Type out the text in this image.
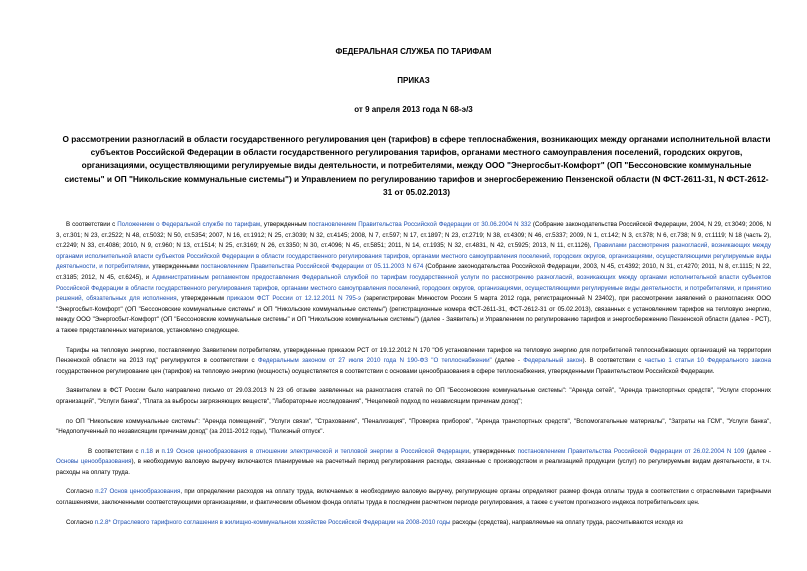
ФЕДЕРАЛЬНАЯ СЛУЖБА ПО ТАРИФАМ
ПРИКАЗ
от 9 апреля 2013 года N 68-э/3
О рассмотрении разногласий в области государственного регулирования цен (тарифов) в сфере теплоснабжения, возникающих между органами исполнительной власти субъектов Российской Федерации в области государственного регулирования тарифов, органами местного самоуправления поселений, городских округов, организациями, осуществляющими регулируемые виды деятельности, и потребителями, между ООО "Энергосбыт-Комфорт" (ОП "Бессоновские коммунальные системы" и ОП "Никольские коммунальные системы") и Управлением по регулированию тарифов и энергосбережению Пензенской области (N ФСТ-2611-31, N ФСТ-2612-31 от 05.02.2013)

В соответствии с Положением о Федеральной службе по тарифам, утвержденным постановлением Правительства Российской Федерации от 30.06.2004 N 332 (Собрание законодательства Российской Федерации, 2004, N 29, ст.3049; 2006, N 3, ст.301; N 23, ст.2522; N 48, ст.5032; N 50, ст.5354; 2007, N 16, ст.1912; N 25, ст.3039; N 32, ст.4145; 2008, N 7, ст.597; N 17, ст.1897; N 23, ст.2719; N 38, ст.4309; N 46, ст.5337; 2009, N 1, ст.142; N 3, ст.378; N 6, ст.738; N 9, ст.1119; N 18 (часть 2), ст.2249; N 33, ст.4086; 2010, N 9, ст.960; N 13, ст.1514; N 25, ст.3169; N 26, ст.3350; N 30, ст.4096; N 45, ст.5851; 2011, N 14, ст.1935; N 32, ст.4831, N 42, ст.5925; 2013, N 11, ст.1126), Правилами рассмотрения разногласий, возникающих между органами исполнительной власти субъектов Российской Федерации в области государственного регулирования тарифов, органами местного самоуправления поселений, городских округов, организациями, осуществляющими регулируемые виды деятельности, и потребителями, утвержденными постановлением Правительства Российской Федерации от 05.11.2003 N 674 (Собрание законодательства Российской Федерации, 2003, N 45, ст.4392; 2010, N 31, ст.4270; 2011, N 8, ст.1115; N 22, ст.3185; 2012, N 45, ст.6245), и Административным регламентом предоставления Федеральной службой по тарифам государственной услуги по рассмотрению разногласий, возникающих между органами исполнительной власти субъектов Российской Федерации в области государственного регулирования тарифов, органами местного самоуправления поселений, городских округов, организациями, осуществляющими регулируемые виды деятельности, и потребителями, и принятию решений, обязательных для исполнения, утвержденным приказом ФСТ России от 12.12.2011 N 795-э (зарегистрирован Минюстом России 5 марта 2012 года, регистрационный N 23402), при рассмотрении заявлений о разногласиях ООО "Энергосбыт-Комфорт" (ОП "Бессоновские коммунальные системы" и ОП "Никольские коммунальные системы") (регистрационные номера ФСТ-2611-31, ФСТ-2612-31 от 05.02.2013), связанных с установлением тарифов на тепловую энергию, между ООО "Энергосбыт-Комфорт" (ОП "Бессоновские коммунальные системы" и ОП "Никольские коммунальные системы") (далее - Заявитель) и Управлением по регулированию тарифов и энергосбережению Пензенской области (далее - РСТ), а также представленных материалов, установлено следующее.

Тарифы на тепловую энергию, поставляемую Заявителем потребителям, утвержденные приказом РСТ от 19.12.2012 N 170 "Об установлении тарифов на тепловую энергию для потребителей теплоснабжающих организаций на территории Пензенской области на 2013 год" регулируются в соответствии с Федеральным законом от 27 июля 2010 года N 190-ФЗ "О теплоснабжении" (далее - Федеральный закон). В соответствии с частью 1 статьи 10 Федерального закона государственное регулирование цен (тарифов) на тепловую энергию (мощность) осуществляется в соответствии с основами ценообразования в сфере теплоснабжения, утвержденными Правительством Российской Федерации.

Заявителем в ФСТ России было направлено письмо от 29.03.2013 N 23 об отзыве заявленных на разногласия статей по ОП "Бессоновские коммунальные системы": "Аренда сетей", "Аренда транспортных средств", "Услуги сторонних организаций", "Услуги банка", "Плата за выбросы загрязняющих веществ", "Лабораторные исследования", "Нецелевой подход по независящим причинам доход";

по ОП "Никольские коммунальные системы": "Аренда помещений", "Услуги связи", "Страхование", "Пенализация", "Проверка приборов", "Аренда транспортных средств", "Вспомогательные материалы", "Затраты на ГСМ", "Услуги банка", "Недополученный по независящим причинам доход" (за 2011-2012 годы), "Полезный отпуск".

В соответствии с п.18 и п.19 Основ ценообразования в отношении электрической и тепловой энергии в Российской Федерации, утвержденных постановлением Правительства Российской Федерации от 26.02.2004 N 109 (далее - Основы ценообразования), в необходимую валовую выручку включаются планируемые на расчетный период регулирования расходы, связанные с производством и реализацией продукции (услуг) по регулируемым видам деятельности, в т.ч. расходы на оплату труда.

Согласно п.27 Основ ценообразования, при определении расходов на оплату труда, включаемых в необходимую валовую выручку, регулирующие органы определяют размер фонда оплаты труда в соответствии с отраслевыми тарифными соглашениями, заключенными соответствующими организациями, и фактическим объемом фонда оплаты труда в последнем расчетном периоде регулирования, а также с учетом прогнозного индекса потребительских цен.

Согласно п.2.8* Отраслевого тарифного соглашения в жилищно-коммунальном хозяйстве Российской Федерации на 2008-2010 годы расходы (средства), направляемые на оплату труда, рассчитываются исходя из
